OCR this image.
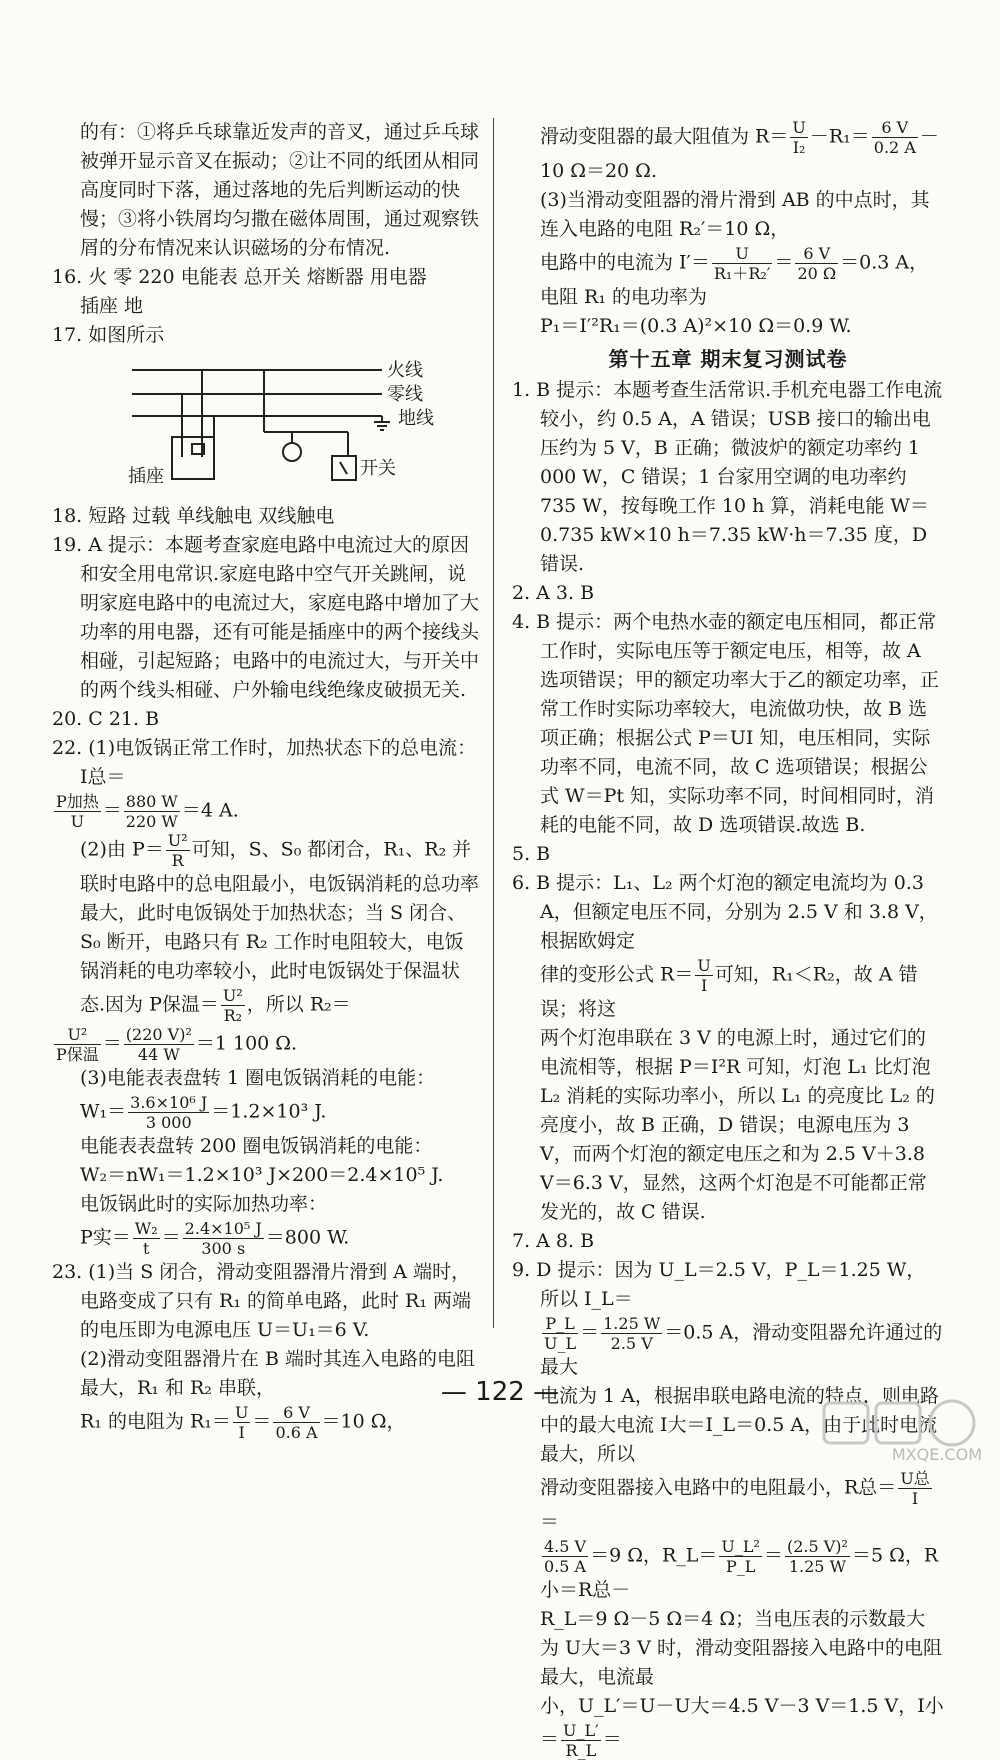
的有：①将乒乓球靠近发声的音叉，通过乒乓球被弹开显示音叉在振动；②让不同的纸团从相同高度同时下落，通过落地的先后判断运动的快慢；③将小铁屑均匀撒在磁体周围，通过观察铁屑的分布情况来认识磁场的分布情况.

16. 火 零 220 电能表 总开关 熔断器 用电器

插座 地

17. 如图所示

火线
零线
地线
插座	开关

18. 短路 过载 单线触电 双线触电

19. A 提示：本题考查家庭电路中电流过大的原因和安全用电常识.家庭电路中空气开关跳闸，说明家庭电路中的电流过大，家庭电路中增加了大功率的用电器，还有可能是插座中的两个接线头相碰，引起短路；电路中的电流过大，与开关中的两个线头相碰、户外输电线绝缘皮破损无关.

20. C 21. B

22. (1)电饭锅正常工作时，加热状态下的总电流：I总＝

$\frac{\text{P加热}}{U} = \frac{880 W}{220 W} =4$ A.

(2)由 $P= \frac{\text{U²}}{R}$ 可知，S、S₀ 都闭合，R₁、R₂ 并联时电路中的总电阻最小，电饭锅消耗的总功率最大，此时电饭锅处于加热状态；当 S 闭合、S₀ 断开，电路只有 R₂ 工作时电阻较大，电饭锅消耗的电功率较小，此时电饭锅处于保温状态.因为 P保温＝ $\frac{\text{U²}}{\text{R₂}}$ ，所以 R₂＝

$\frac{\text{U²}}{\text{P保温}} = \frac{\text{(220 V)²}}{44 W} =1$ 100 Ω.

(3)电能表表盘转 1 圈电饭锅消耗的电能：

$W_1= \frac{\text{3.6×10⁶ J}}{3 000} =1.2\times 10^3$ J.

电能表表盘转 200 圈电饭锅消耗的电能：

W₂＝nW₁＝1.2×10³ J×200＝2.4×10⁵ J.

电饭锅此时的实际加热功率：

P实＝ $\frac{\text{W₂}}{t} = \frac{\text{2.4×10⁵ J}}{300 s} =800$ W.

23. (1)当 S 闭合，滑动变阻器滑片滑到 A 端时，电路变成了只有 R₁ 的简单电路，此时 R₁ 两端的电压即为电源电压 U＝U₁＝6 V.

(2)滑动变阻器滑片在 B 端时其连入电路的电阻最大，R₁ 和 R₂ 串联，

R₁ 的电阻为 $R_1= \frac{U}{I} = \frac{6 V}{0.6 A} =10$ Ω，

滑动变阻器的最大阻值为 $R= \frac{U}{\text{I₂}} -R_1= \frac{6 V}{0.2 A}$ －

10 Ω＝20 Ω.

(3)当滑动变阻器的滑片滑到 AB 的中点时，其连入电路的电阻 R₂′＝10 Ω，

电路中的电流为 $I'= \frac{U}{\text{R₁＋R₂′}} = \frac{6 V}{20 \Omega} =0.3$ A，

电阻 R₁ 的电功率为

P₁＝I′²R₁＝(0.3 A)²×10 Ω＝0.9 W.

第十五章 期末复习测试卷

1. B 提示：本题考查生活常识.手机充电器工作电流较小，约 0.5 A，A 错误；USB 接口的输出电压约为 5 V，B 正确；微波炉的额定功率约 1 000 W，C 错误；1 台家用空调的电功率约 735 W，按每晚工作 10 h 算，消耗电能 W＝0.735 kW×10 h＝7.35 kW·h＝7.35 度，D 错误.

2. A 3. B

4. B 提示：两个电热水壶的额定电压相同，都正常工作时，实际电压等于额定电压，相等，故 A 选项错误；甲的额定功率大于乙的额定功率，正常工作时实际功率较大，电流做功快，故 B 选项正确；根据公式 P＝UI 知，电压相同，实际功率不同，电流不同，故 C 选项错误；根据公式 W＝Pt 知，实际功率不同，时间相同时，消耗的电能不同，故 D 选项错误.故选 B.

5. B

6. B 提示：L₁、L₂ 两个灯泡的额定电流均为 0.3 A，但额定电压不同，分别为 2.5 V 和 3.8 V，根据欧姆定

律的变形公式 $R= \frac{U}{I}$ 可知，R₁＜R₂，故 A 错误；将这

两个灯泡串联在 3 V 的电源上时，通过它们的电流相等，根据 P＝I²R 可知，灯泡 L₁ 比灯泡 L₂ 消耗的实际功率小，所以 L₁ 的亮度比 L₂ 的亮度小，故 B 正确，D 错误；电源电压为 3 V，而两个灯泡的额定电压之和为 2.5 V＋3.8 V＝6.3 V，显然，这两个灯泡是不可能都正常发光的，故 C 错误.

7. A 8. B

9. D 提示：因为 U_L＝2.5 V，P_L＝1.25 W，所以 I_L＝

$\frac{P\_L}{U\_L} = \frac{1.25 W}{2.5 V} =0.5$ A，滑动变阻器允许通过的最大

电流为 1 A，根据串联电路电流的特点，则电路中的最大电流 I大＝I_L＝0.5 A，由于此时电流最大，所以

滑动变阻器接入电路中的电阻最小，R总＝ $\frac{\text{U总}}{I}$
＝

$\frac{4.5 V}{0.5 A} =9$ Ω，R_L＝ $\frac{\text{U\_L²}}{P\_L} = \frac{\text{(2.5 V)²}}{1.25 W} =5$ Ω，R小＝R总－

R_L＝9 Ω－5 Ω＝4 Ω；当电压表的示数最大为 U大＝3 V 时，滑动变阻器接入电路中的电阻最大，电流最

小，U_L′＝U－U大＝4.5 V－3 V＝1.5 V，I小＝ $\frac{U\_L'}{R\_L}$ ＝

— 122 —
MXQE.COM
